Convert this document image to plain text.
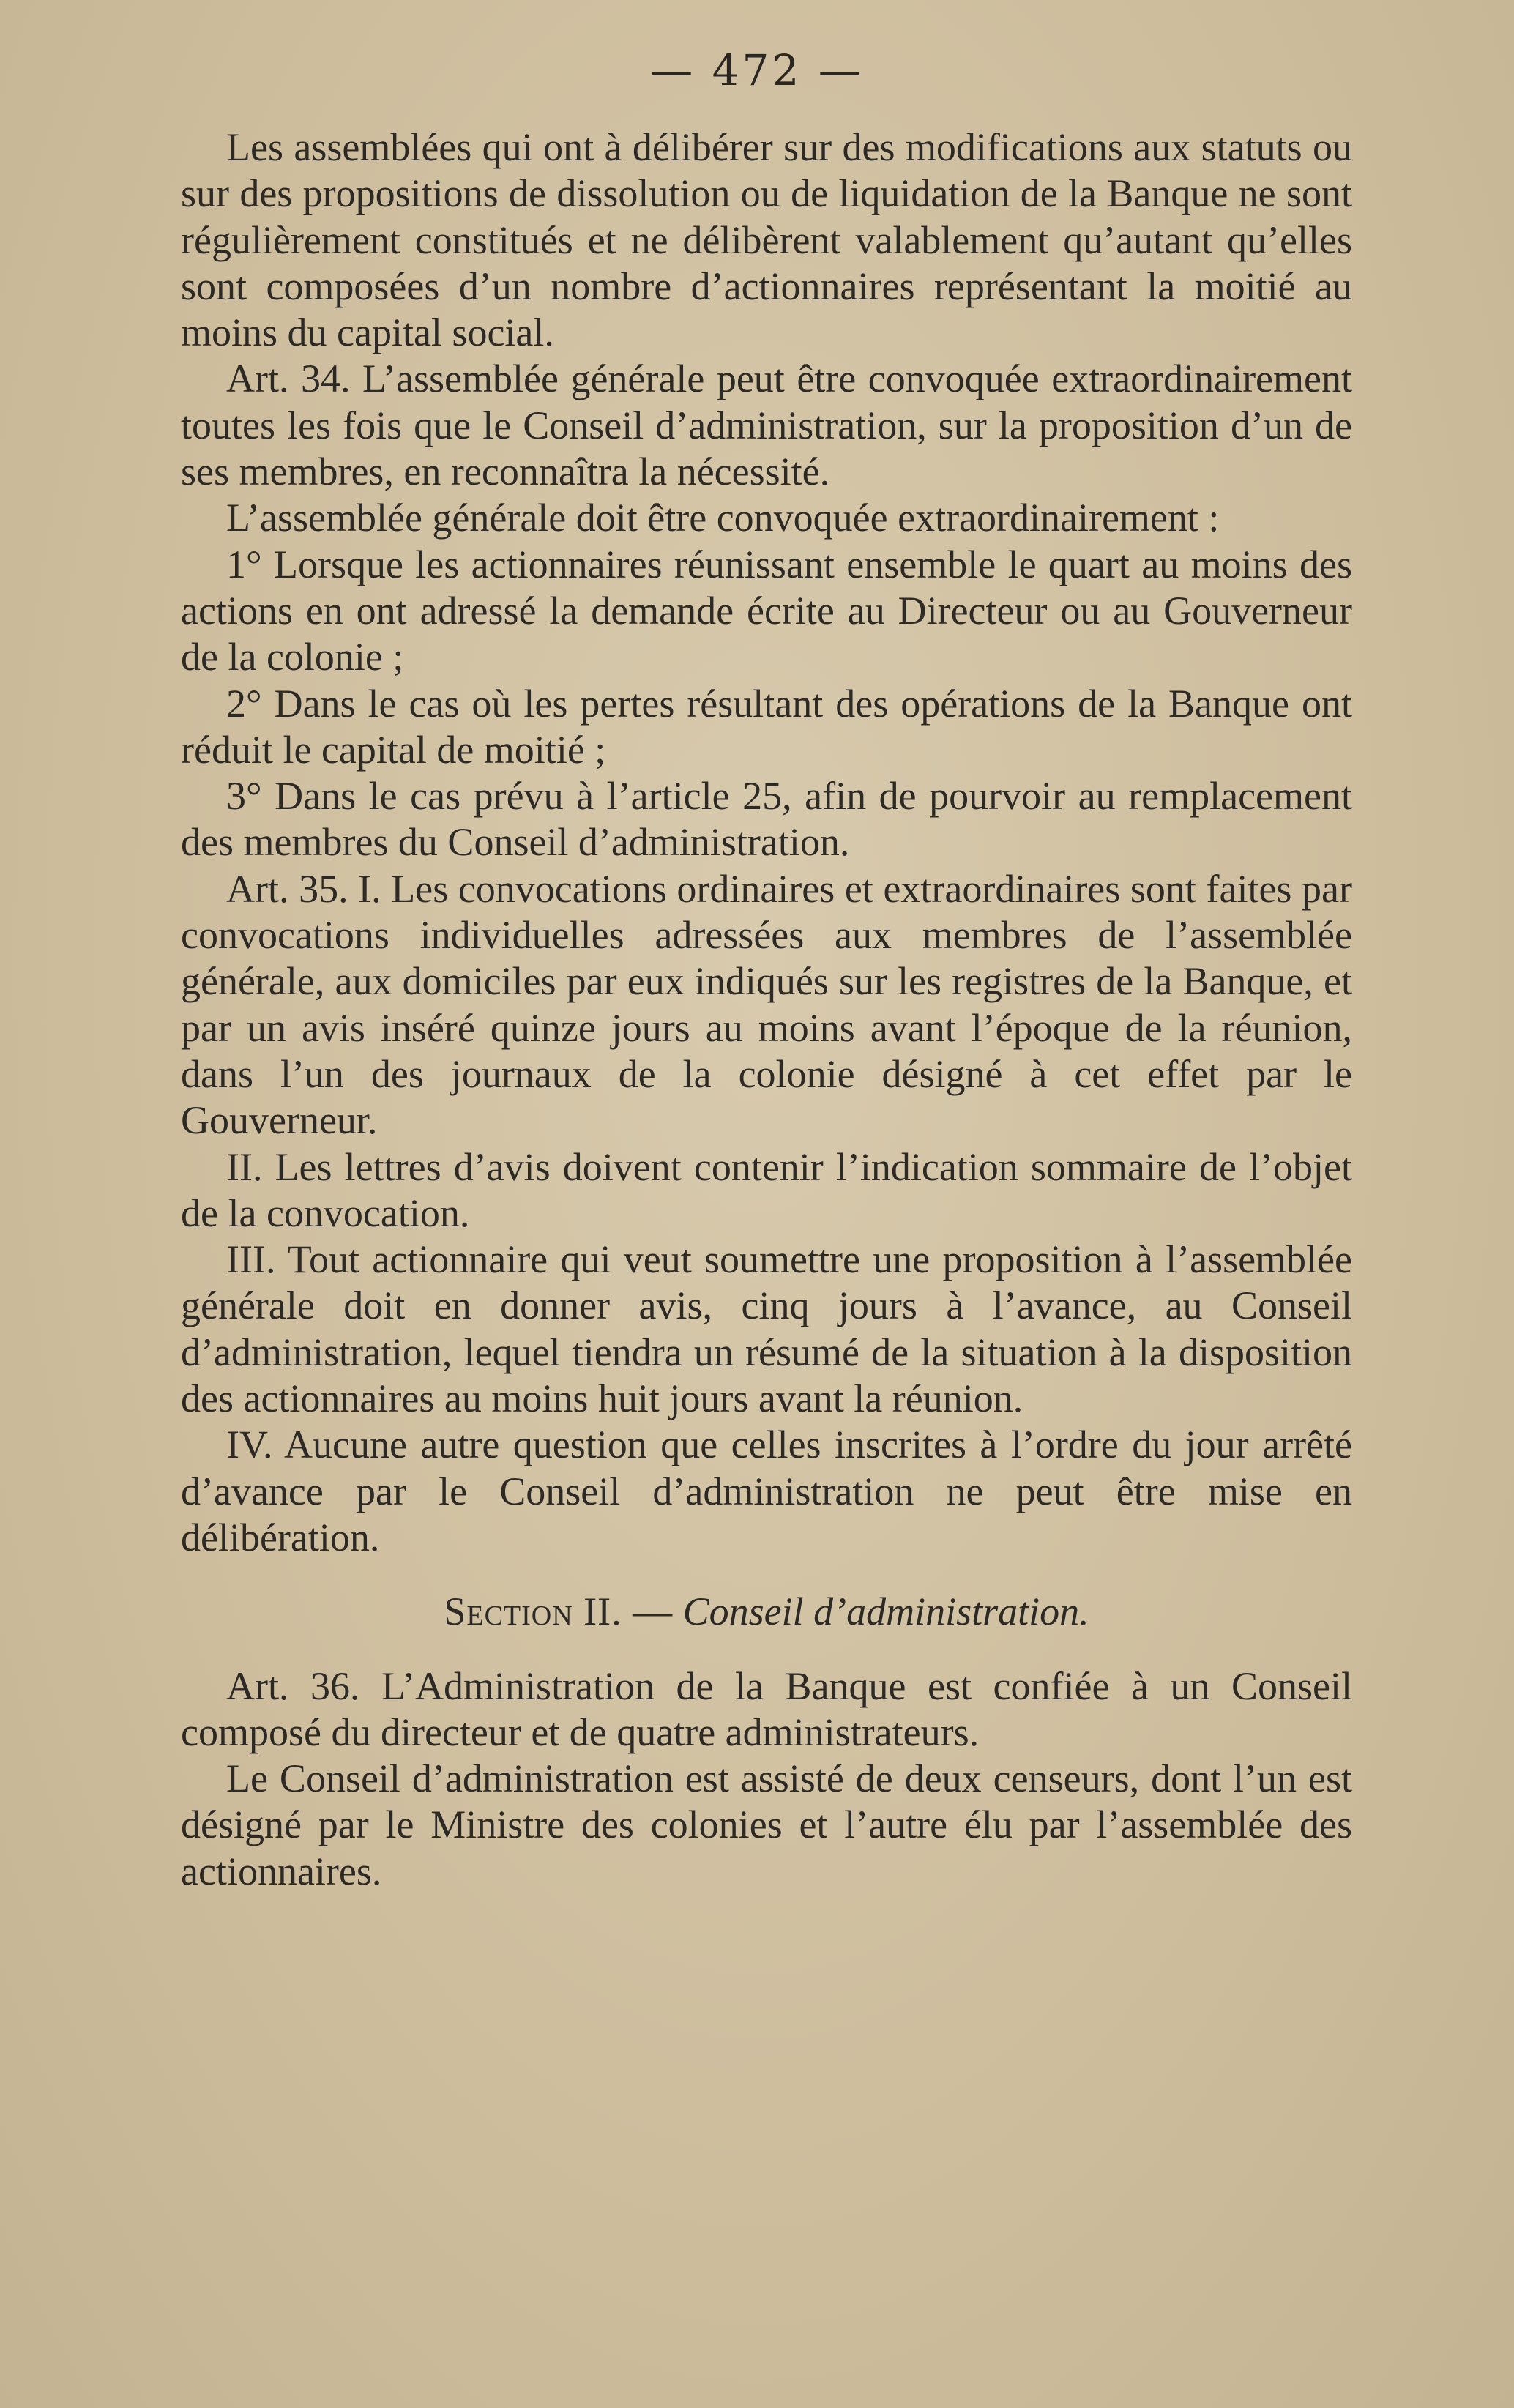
— 472 —

Les assemblées qui ont à délibérer sur des modifications aux statuts ou sur des propositions de dissolution ou de liquidation de la Banque ne sont régulièrement constitués et ne délibèrent valablement qu’autant qu’elles sont composées d’un nombre d’actionnaires représentant la moitié au moins du capital social.

Art. 34. L’assemblée générale peut être convoquée extraordinairement toutes les fois que le Conseil d’administration, sur la proposition d’un de ses membres, en reconnaîtra la nécessité.

L’assemblée générale doit être convoquée extraordinairement :

1° Lorsque les actionnaires réunissant ensemble le quart au moins des actions en ont adressé la demande écrite au Directeur ou au Gouverneur de la colonie ;

2° Dans le cas où les pertes résultant des opérations de la Banque ont réduit le capital de moitié ;

3° Dans le cas prévu à l’article 25, afin de pourvoir au remplacement des membres du Conseil d’administration.

Art. 35. I. Les convocations ordinaires et extraordinaires sont faites par convocations individuelles adressées aux membres de l’assemblée générale, aux domiciles par eux indiqués sur les registres de la Banque, et par un avis inséré quinze jours au moins avant l’époque de la réunion, dans l’un des journaux de la colonie désigné à cet effet par le Gouverneur.

II. Les lettres d’avis doivent contenir l’indication sommaire de l’objet de la convocation.

III. Tout actionnaire qui veut soumettre une proposition à l’assemblée générale doit en donner avis, cinq jours à l’avance, au Conseil d’administration, lequel tiendra un résumé de la situation à la disposition des actionnaires au moins huit jours avant la réunion.

IV. Aucune autre question que celles inscrites à l’ordre du jour arrêté d’avance par le Conseil d’administration ne peut être mise en délibération.

Section II. — Conseil d’administration.

Art. 36. L’Administration de la Banque est confiée à un Conseil composé du directeur et de quatre administrateurs.

Le Conseil d’administration est assisté de deux censeurs, dont l’un est désigné par le Ministre des colonies et l’autre élu par l’assemblée des actionnaires.
